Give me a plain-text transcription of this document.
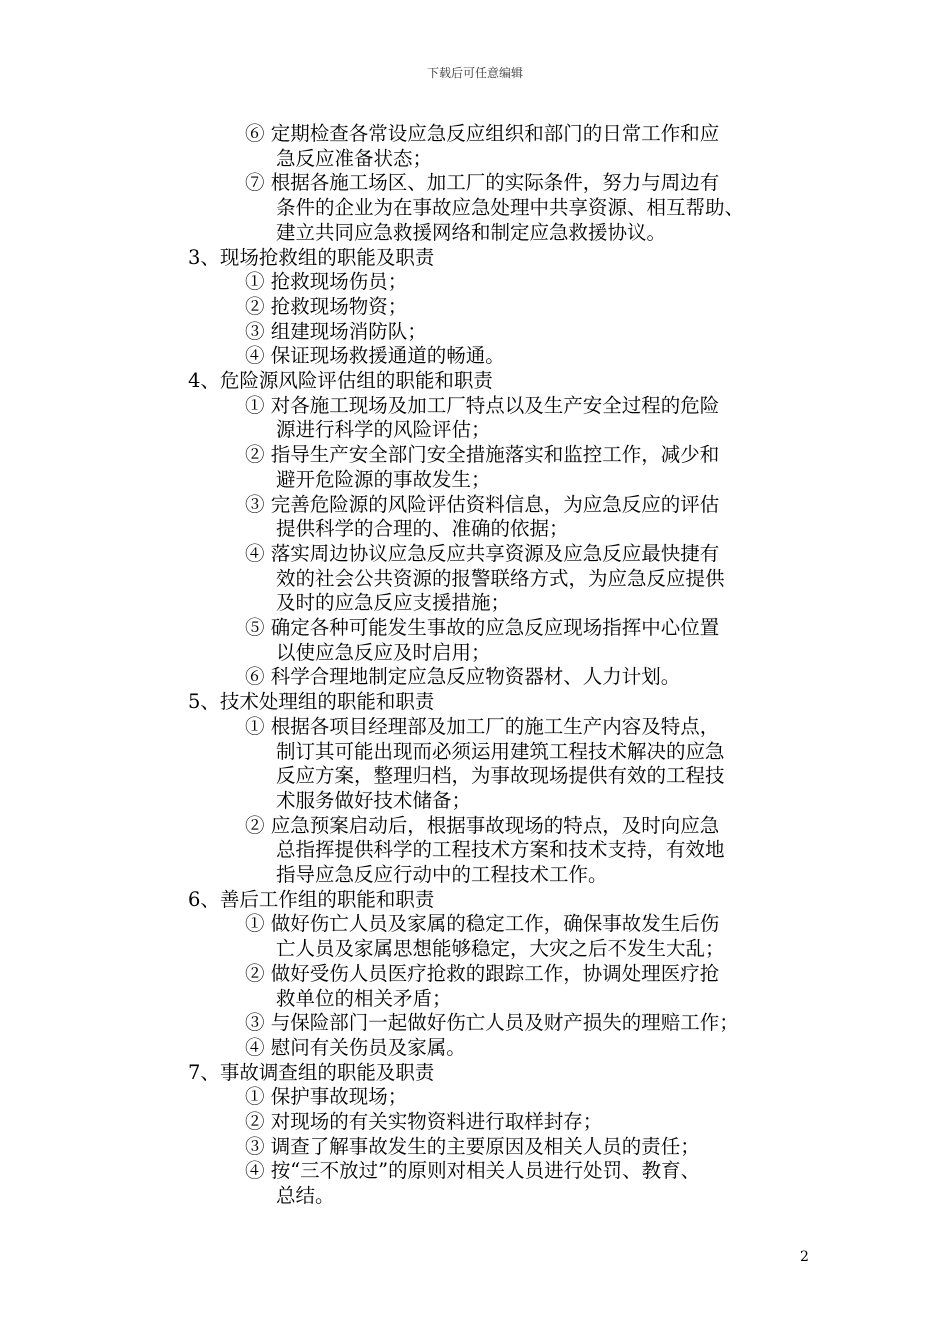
下载后可任意编辑
⑥ 定期检查各常设应急反应组织和部门的日常工作和应
急反应准备状态；
⑦ 根据各施工场区、加工厂的实际条件，努力与周边有
条件的企业为在事故应急处理中共享资源、相互帮助、
建立共同应急救援网络和制定应急救援协议。
3、现场抢救组的职能及职责
① 抢救现场伤员；
② 抢救现场物资；
③ 组建现场消防队；
④ 保证现场救援通道的畅通。
4、危险源风险评估组的职能和职责
① 对各施工现场及加工厂特点以及生产安全过程的危险
源进行科学的风险评估；
② 指导生产安全部门安全措施落实和监控工作，减少和
避开危险源的事故发生；
③ 完善危险源的风险评估资料信息，为应急反应的评估
提供科学的合理的、准确的依据；
④ 落实周边协议应急反应共享资源及应急反应最快捷有
效的社会公共资源的报警联络方式，为应急反应提供
及时的应急反应支援措施；
⑤ 确定各种可能发生事故的应急反应现场指挥中心位置
以使应急反应及时启用；
⑥ 科学合理地制定应急反应物资器材、人力计划。
5、技术处理组的职能和职责
① 根据各项目经理部及加工厂的施工生产内容及特点，
制订其可能出现而必须运用建筑工程技术解决的应急
反应方案，整理归档，为事故现场提供有效的工程技
术服务做好技术储备；
② 应急预案启动后，根据事故现场的特点，及时向应急
总指挥提供科学的工程技术方案和技术支持，有效地
指导应急反应行动中的工程技术工作。
6、善后工作组的职能和职责
① 做好伤亡人员及家属的稳定工作，确保事故发生后伤
亡人员及家属思想能够稳定，大灾之后不发生大乱；
② 做好受伤人员医疗抢救的跟踪工作，协调处理医疗抢
救单位的相关矛盾；
③ 与保险部门一起做好伤亡人员及财产损失的理赔工作；
④ 慰问有关伤员及家属。
7、事故调查组的职能及职责
① 保护事故现场；
② 对现场的有关实物资料进行取样封存；
③ 调查了解事故发生的主要原因及相关人员的责任；
④ 按“三不放过”的原则对相关人员进行处罚、教育、
总结。
2
